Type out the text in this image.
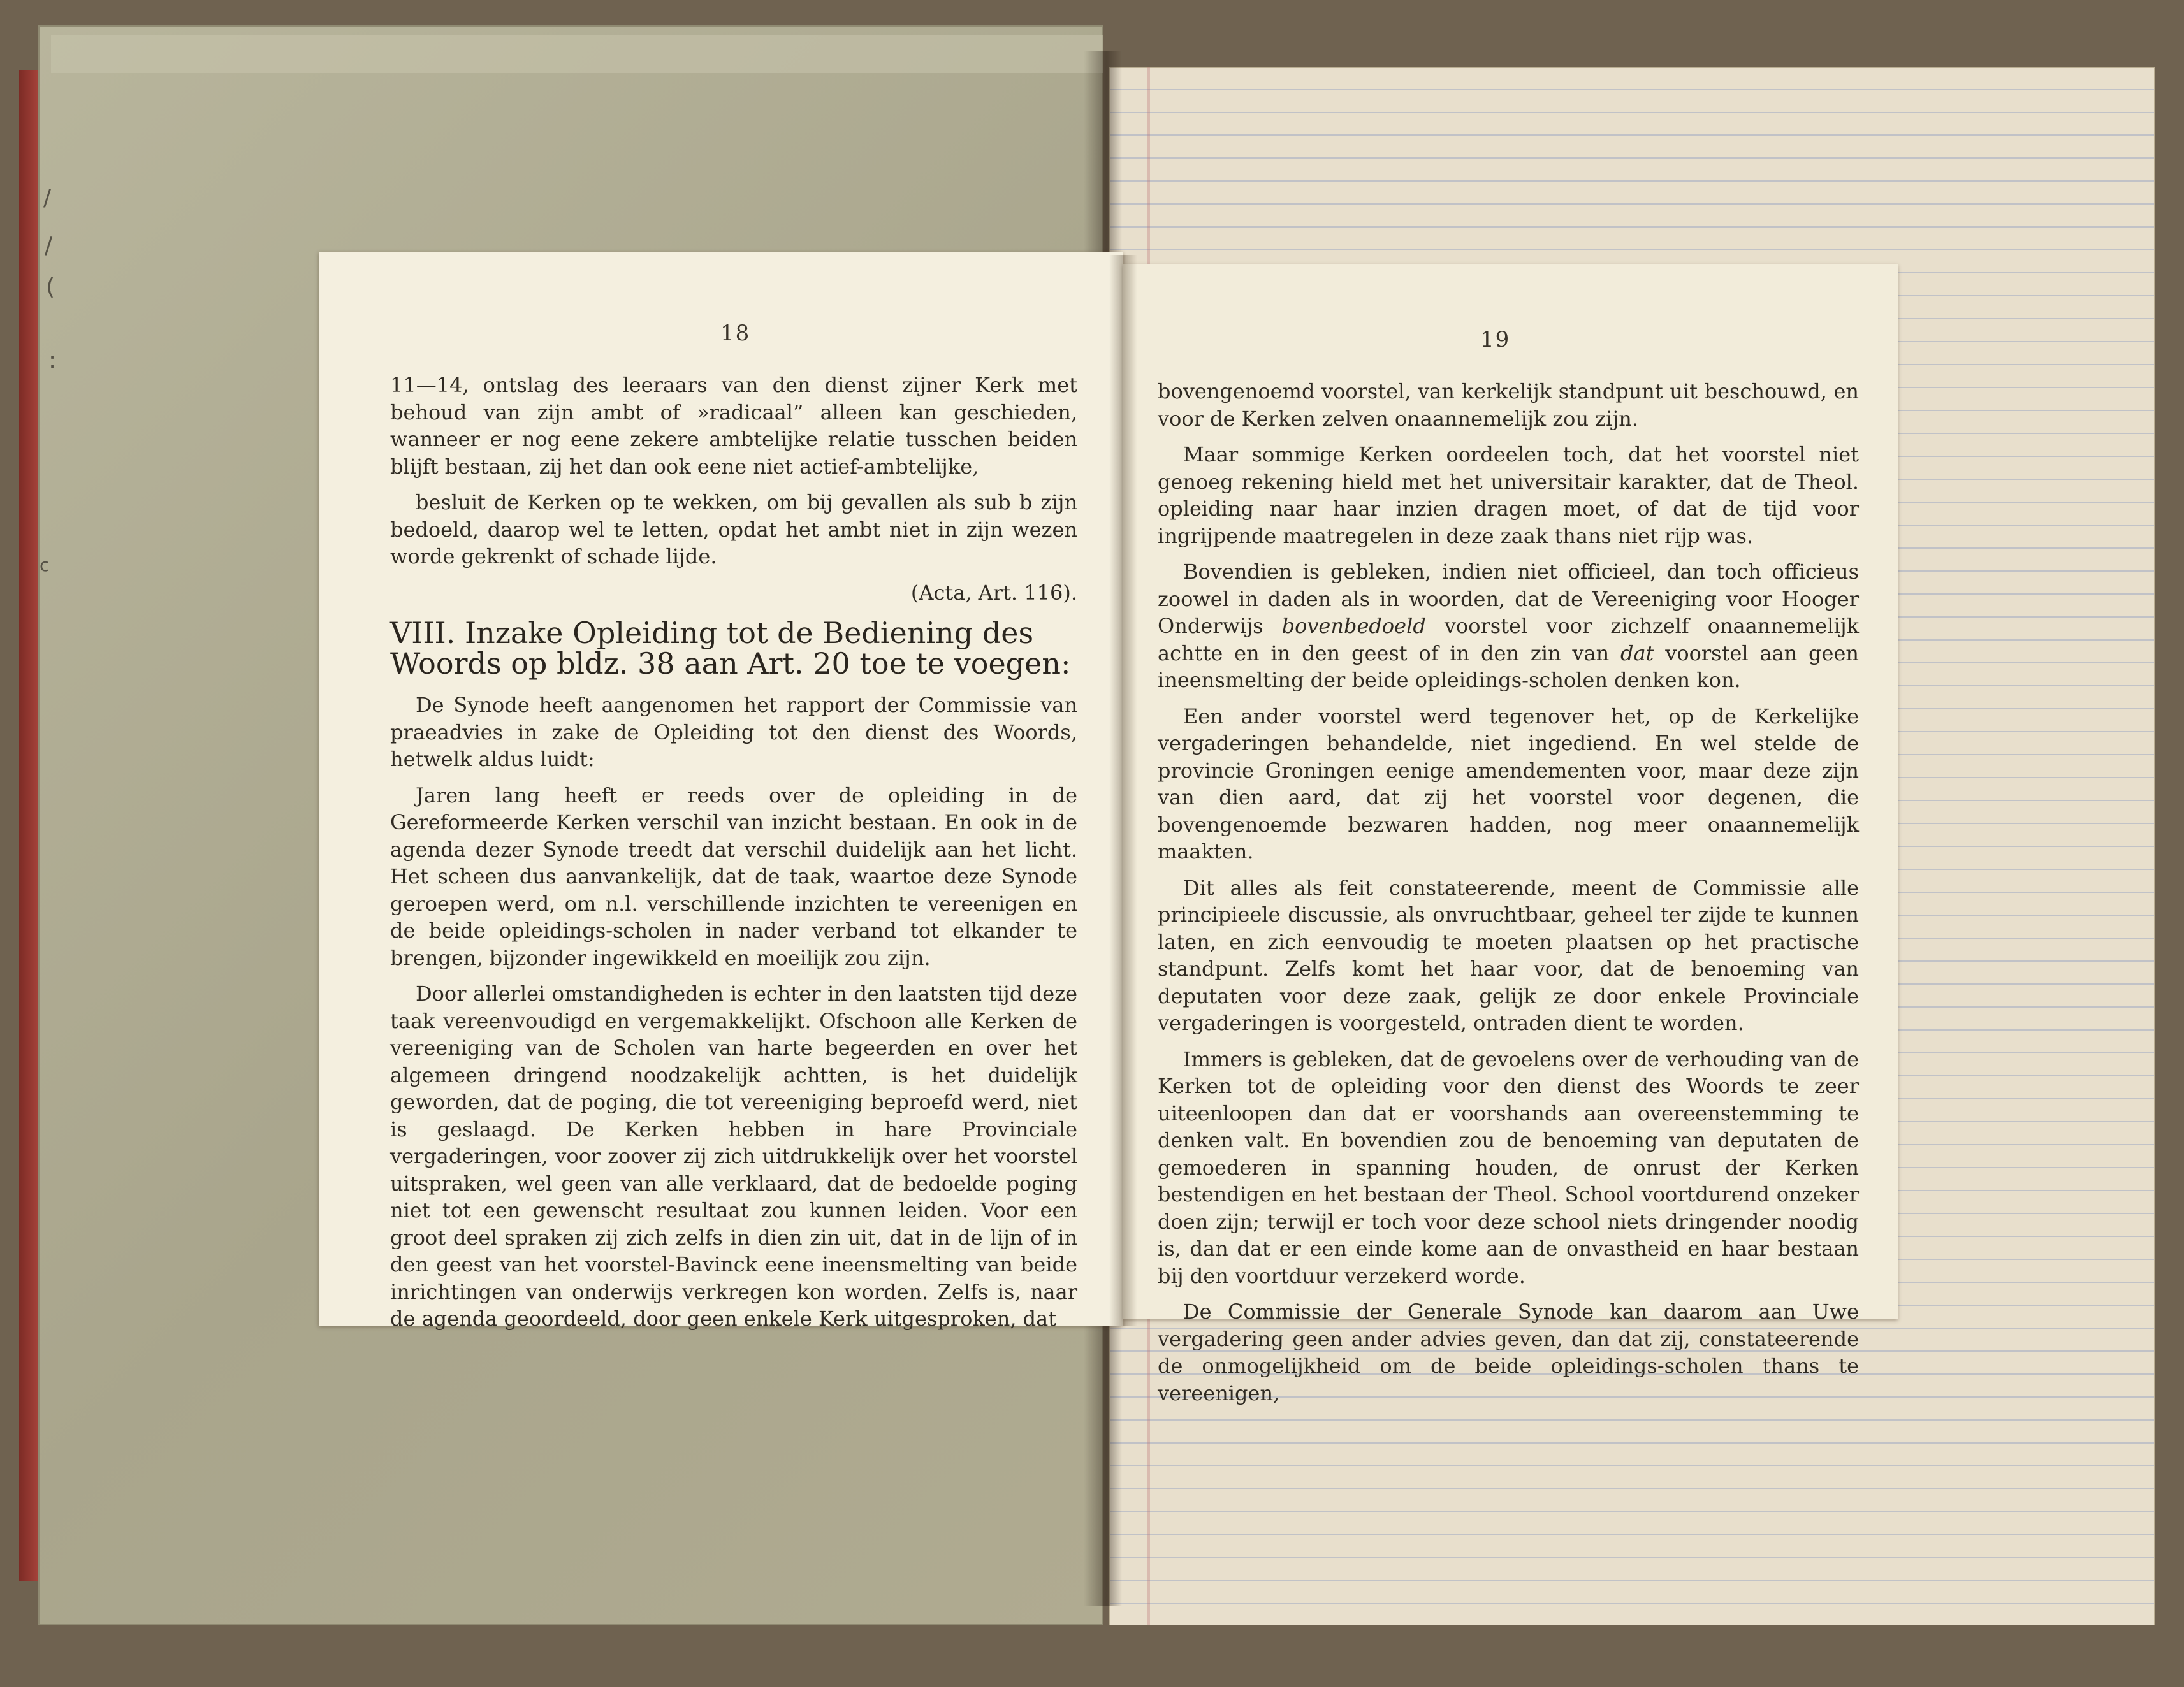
/
/
(
:
c
18

11—14, ontslag des leeraars van den dienst zijner Kerk met behoud van zijn ambt of »radicaal” alleen kan geschieden, wanneer er nog eene zekere ambtelijke relatie tusschen beiden blijft bestaan, zij het dan ook eene niet actief-ambtelijke,

besluit de Kerken op te wekken, om bij gevallen als sub b zijn bedoeld, daarop wel te letten, opdat het ambt niet in zijn wezen worde gekrenkt of schade lijde.

(Acta, Art. 116).

VIII. Inzake Opleiding tot de Bediening des Woords op bldz. 38 aan Art. 20 toe te voegen:

De Synode heeft aangenomen het rapport der Commissie van praeadvies in zake de Opleiding tot den dienst des Woords, hetwelk aldus luidt:

Jaren lang heeft er reeds over de opleiding in de Gereformeerde Kerken verschil van inzicht bestaan. En ook in de agenda dezer Synode treedt dat verschil duidelijk aan het licht. Het scheen dus aanvankelijk, dat de taak, waartoe deze Synode geroepen werd, om n.l. verschillende inzichten te vereenigen en de beide opleidings-scholen in nader verband tot elkander te brengen, bijzonder ingewikkeld en moeilijk zou zijn.

Door allerlei omstandigheden is echter in den laatsten tijd deze taak vereenvoudigd en vergemakkelijkt. Ofschoon alle Kerken de vereeniging van de Scholen van harte begeerden en over het algemeen dringend noodzakelijk achtten, is het duidelijk geworden, dat de poging, die tot vereeniging beproefd werd, niet is geslaagd. De Kerken hebben in hare Provinciale vergaderingen, voor zoover zij zich uitdrukkelijk over het voorstel uitspraken, wel geen van alle verklaard, dat de bedoelde poging niet tot een gewenscht resultaat zou kunnen leiden. Voor een groot deel spraken zij zich zelfs in dien zin uit, dat in de lijn of in den geest van het voorstel-Bavinck eene ineensmelting van beide inrichtingen van onderwijs verkregen kon worden. Zelfs is, naar de agenda geoordeeld, door geen enkele Kerk uitgesproken, dat

19

bovengenoemd voorstel, van kerkelijk standpunt uit beschouwd, en voor de Kerken zelven onaannemelijk zou zijn.

Maar sommige Kerken oordeelen toch, dat het voorstel niet genoeg rekening hield met het universitair karakter, dat de Theol. opleiding naar haar inzien dragen moet, of dat de tijd voor ingrijpende maatregelen in deze zaak thans niet rijp was.

Bovendien is gebleken, indien niet officieel, dan toch officieus zoowel in daden als in woorden, dat de Vereeniging voor Hooger Onderwijs bovenbedoeld voorstel voor zichzelf onaannemelijk achtte en in den geest of in den zin van dat voorstel aan geen ineensmelting der beide opleidings-scholen denken kon.

Een ander voorstel werd tegenover het, op de Kerkelijke vergaderingen behandelde, niet ingediend. En wel stelde de provincie Groningen eenige amendementen voor, maar deze zijn van dien aard, dat zij het voorstel voor degenen, die bovengenoemde bezwaren hadden, nog meer onaannemelijk maakten.

Dit alles als feit constateerende, meent de Commissie alle principieele discussie, als onvruchtbaar, geheel ter zijde te kunnen laten, en zich eenvoudig te moeten plaatsen op het practische standpunt. Zelfs komt het haar voor, dat de benoeming van deputaten voor deze zaak, gelijk ze door enkele Provinciale vergaderingen is voorgesteld, ontraden dient te worden.

Immers is gebleken, dat de gevoelens over de verhouding van de Kerken tot de opleiding voor den dienst des Woords te zeer uiteenloopen dan dat er voorshands aan overeenstemming te denken valt. En bovendien zou de benoeming van deputaten de gemoederen in spanning houden, de onrust der Kerken bestendigen en het bestaan der Theol. School voortdurend onzeker doen zijn; terwijl er toch voor deze school niets dringender noodig is, dan dat er een einde kome aan de onvastheid en haar bestaan bij den voortduur verzekerd worde.

De Commissie der Generale Synode kan daarom aan Uwe vergadering geen ander advies geven, dan dat zij, constateerende de onmogelijkheid om de beide opleidings-scholen thans te vereenigen,
